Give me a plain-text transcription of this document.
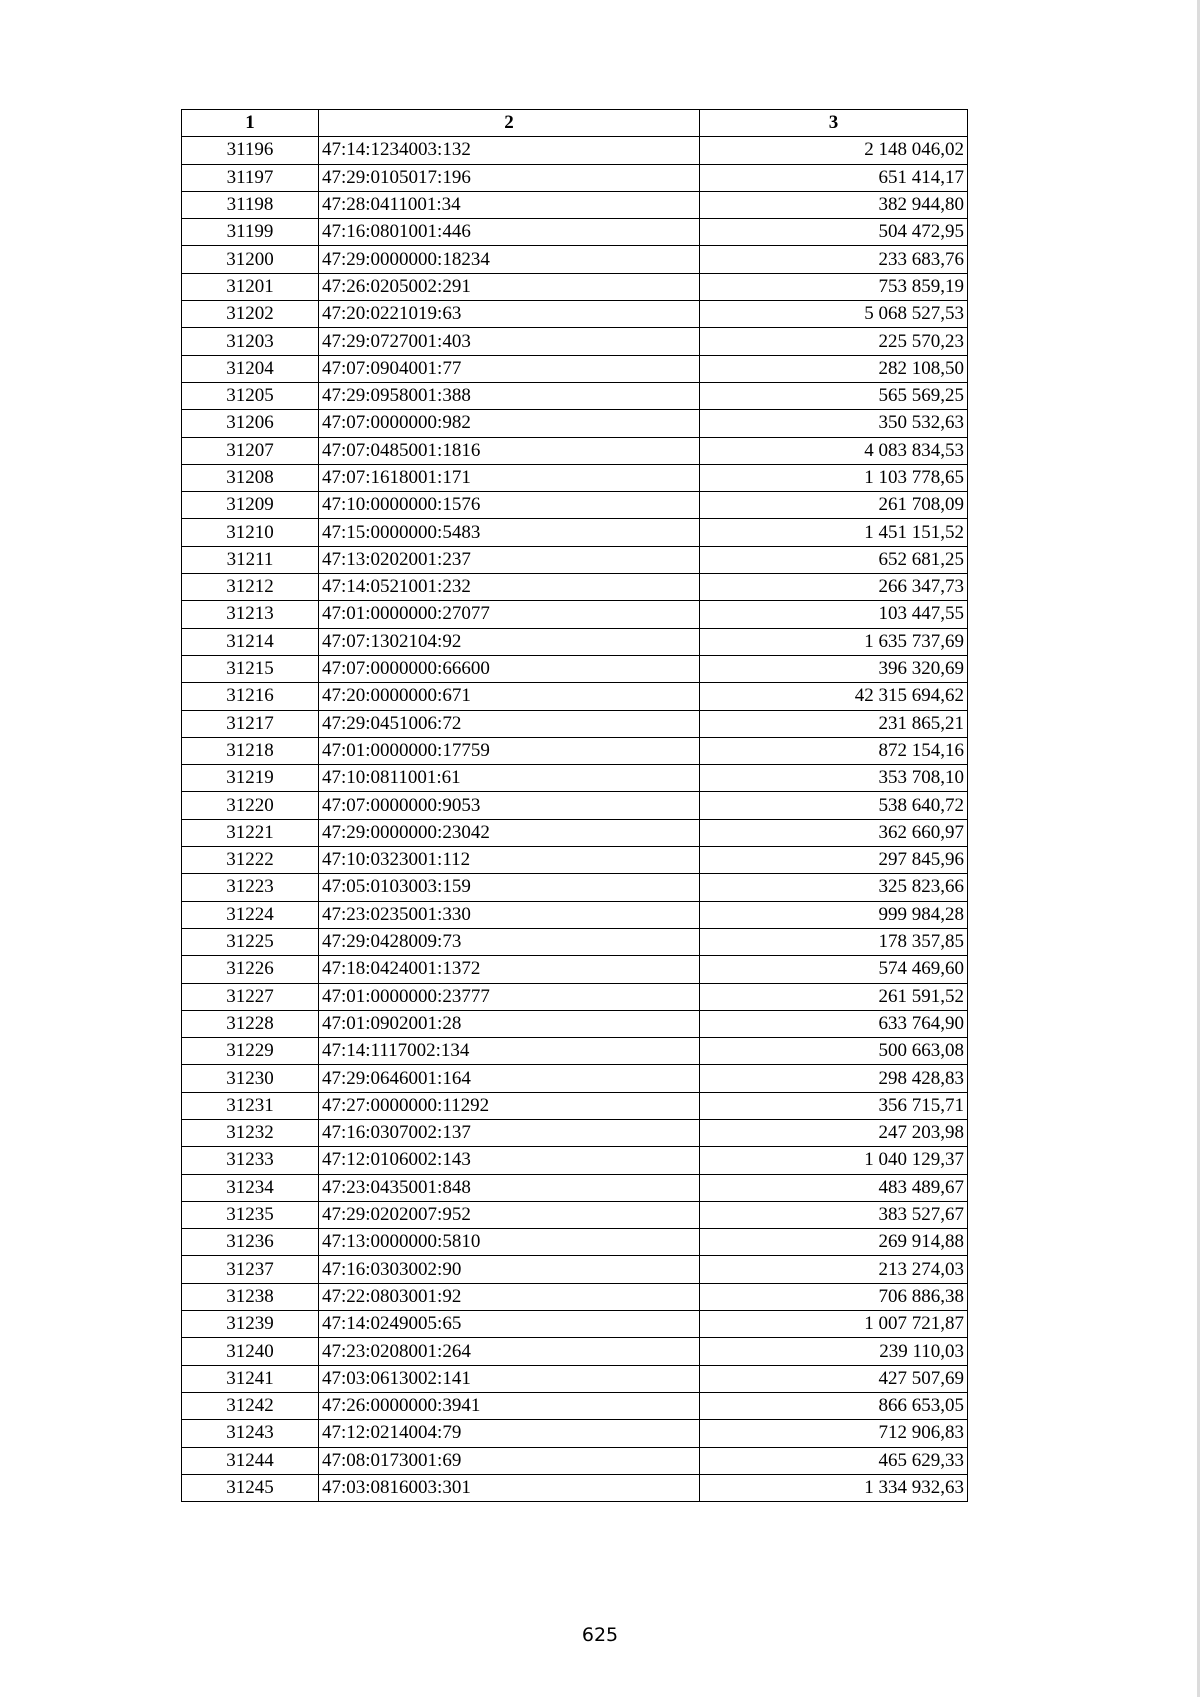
1	2	3
31196	47:14:1234003:132	2 148 046,02
31197	47:29:0105017:196	651 414,17
31198	47:28:0411001:34	382 944,80
31199	47:16:0801001:446	504 472,95
31200	47:29:0000000:18234	233 683,76
31201	47:26:0205002:291	753 859,19
31202	47:20:0221019:63	5 068 527,53
31203	47:29:0727001:403	225 570,23
31204	47:07:0904001:77	282 108,50
31205	47:29:0958001:388	565 569,25
31206	47:07:0000000:982	350 532,63
31207	47:07:0485001:1816	4 083 834,53
31208	47:07:1618001:171	1 103 778,65
31209	47:10:0000000:1576	261 708,09
31210	47:15:0000000:5483	1 451 151,52
31211	47:13:0202001:237	652 681,25
31212	47:14:0521001:232	266 347,73
31213	47:01:0000000:27077	103 447,55
31214	47:07:1302104:92	1 635 737,69
31215	47:07:0000000:66600	396 320,69
31216	47:20:0000000:671	42 315 694,62
31217	47:29:0451006:72	231 865,21
31218	47:01:0000000:17759	872 154,16
31219	47:10:0811001:61	353 708,10
31220	47:07:0000000:9053	538 640,72
31221	47:29:0000000:23042	362 660,97
31222	47:10:0323001:112	297 845,96
31223	47:05:0103003:159	325 823,66
31224	47:23:0235001:330	999 984,28
31225	47:29:0428009:73	178 357,85
31226	47:18:0424001:1372	574 469,60
31227	47:01:0000000:23777	261 591,52
31228	47:01:0902001:28	633 764,90
31229	47:14:1117002:134	500 663,08
31230	47:29:0646001:164	298 428,83
31231	47:27:0000000:11292	356 715,71
31232	47:16:0307002:137	247 203,98
31233	47:12:0106002:143	1 040 129,37
31234	47:23:0435001:848	483 489,67
31235	47:29:0202007:952	383 527,67
31236	47:13:0000000:5810	269 914,88
31237	47:16:0303002:90	213 274,03
31238	47:22:0803001:92	706 886,38
31239	47:14:0249005:65	1 007 721,87
31240	47:23:0208001:264	239 110,03
31241	47:03:0613002:141	427 507,69
31242	47:26:0000000:3941	866 653,05
31243	47:12:0214004:79	712 906,83
31244	47:08:0173001:69	465 629,33
31245	47:03:0816003:301	1 334 932,63
625
